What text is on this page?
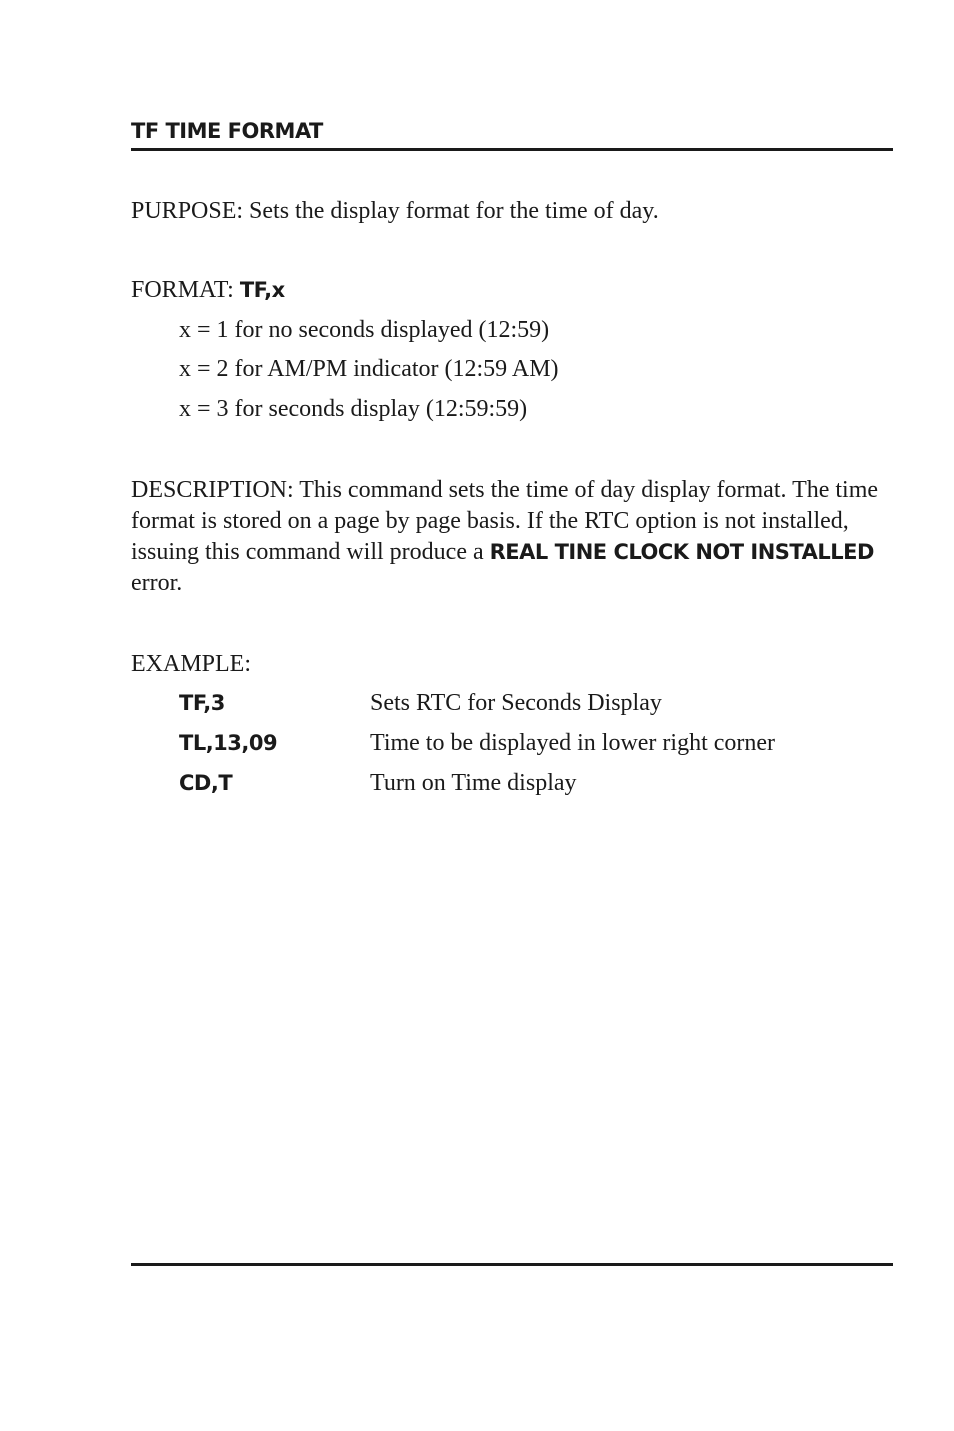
TF TIME FORMAT
PURPOSE: Sets the display format for the time of day.
FORMAT: TF,x
x = 1 for no seconds displayed (12:59)
x = 2 for AM/PM indicator (12:59 AM)
x = 3 for seconds display (12:59:59)
DESCRIPTION: This command sets the time of day display format. The time format is stored on a page by page basis. If the RTC option is not installed, issuing this command will produce a REAL TINE CLOCK NOT INSTALLED error.
EXAMPLE:
TF,3	Sets RTC for Seconds Display
TL,13,09	Time to be displayed in lower right corner
CD,T	Turn on Time display
